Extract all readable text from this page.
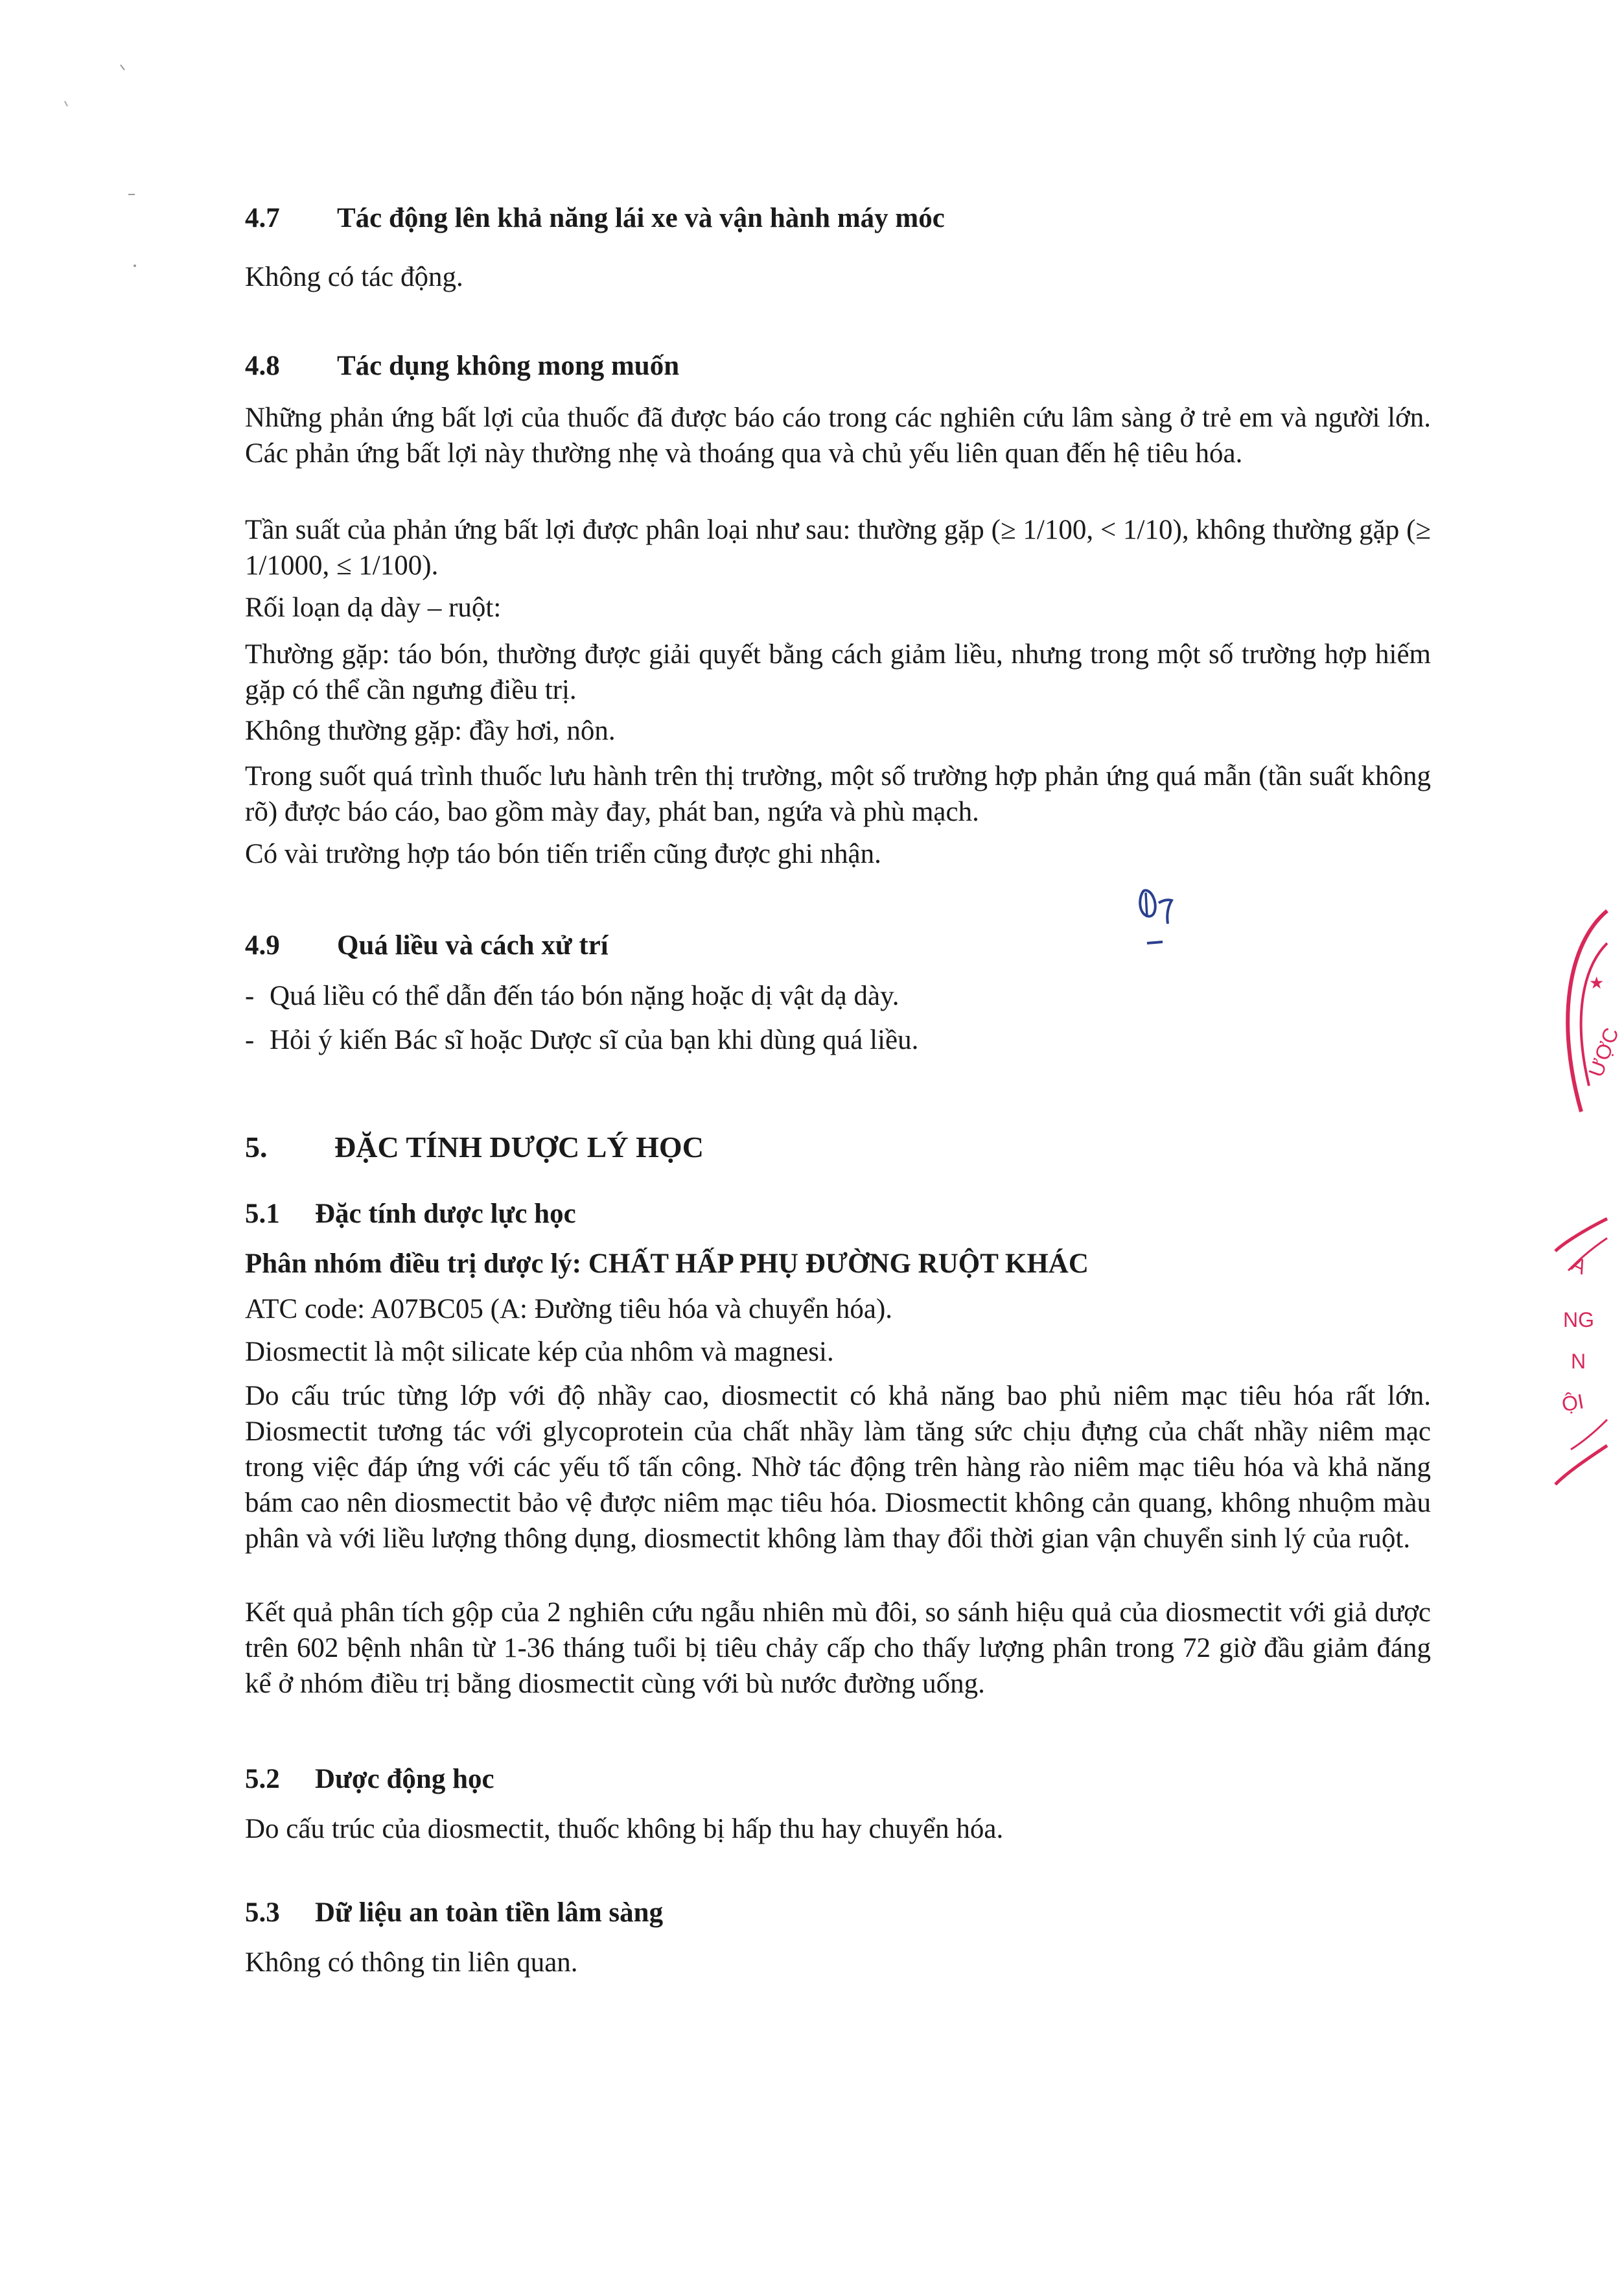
4.7 Tác động lên khả năng lái xe và vận hành máy móc
Không có tác động.
4.8 Tác dụng không mong muốn
Những phản ứng bất lợi của thuốc đã được báo cáo trong các nghiên cứu lâm sàng ở trẻ em và người lớn. Các phản ứng bất lợi này thường nhẹ và thoáng qua và chủ yếu liên quan đến hệ tiêu hóa.
Tần suất của phản ứng bất lợi được phân loại như sau: thường gặp (≥ 1/100, < 1/10), không thường gặp (≥ 1/1000, ≤ 1/100).
Rối loạn dạ dày – ruột:
Thường gặp: táo bón, thường được giải quyết bằng cách giảm liều, nhưng trong một số trường hợp hiếm gặp có thể cần ngưng điều trị.
Không thường gặp: đầy hơi, nôn.
Trong suốt quá trình thuốc lưu hành trên thị trường, một số trường hợp phản ứng quá mẫn (tần suất không rõ) được báo cáo, bao gồm mày đay, phát ban, ngứa và phù mạch.
Có vài trường hợp táo bón tiến triển cũng được ghi nhận.
4.9 Quá liều và cách xử trí
- Quá liều có thể dẫn đến táo bón nặng hoặc dị vật dạ dày.
- Hỏi ý kiến Bác sĩ hoặc Dược sĩ của bạn khi dùng quá liều.
5. ĐẶC TÍNH DƯỢC LÝ HỌC
5.1 Đặc tính dược lực học
Phân nhóm điều trị dược lý: CHẤT HẤP PHỤ ĐƯỜNG RUỘT KHÁC
ATC code: A07BC05 (A: Đường tiêu hóa và chuyển hóa).
Diosmectit là một silicate kép của nhôm và magnesi.
Do cấu trúc từng lớp với độ nhầy cao, diosmectit có khả năng bao phủ niêm mạc tiêu hóa rất lớn. Diosmectit tương tác với glycoprotein của chất nhầy làm tăng sức chịu đựng của chất nhầy niêm mạc trong việc đáp ứng với các yếu tố tấn công. Nhờ tác động trên hàng rào niêm mạc tiêu hóa và khả năng bám cao nên diosmectit bảo vệ được niêm mạc tiêu hóa. Diosmectit không cản quang, không nhuộm màu phân và với liều lượng thông dụng, diosmectit không làm thay đổi thời gian vận chuyển sinh lý của ruột.
Kết quả phân tích gộp của 2 nghiên cứu ngẫu nhiên mù đôi, so sánh hiệu quả của diosmectit với giả dược trên 602 bệnh nhân từ 1-36 tháng tuổi bị tiêu chảy cấp cho thấy lượng phân trong 72 giờ đầu giảm đáng kể ở nhóm điều trị bằng diosmectit cùng với bù nước đường uống.
5.2 Dược động học
Do cấu trúc của diosmectit, thuốc không bị hấp thu hay chuyển hóa.
5.3 Dữ liệu an toàn tiền lâm sàng
Không có thông tin liên quan.
★
ƯỢC
A
NG
N
ỘI
